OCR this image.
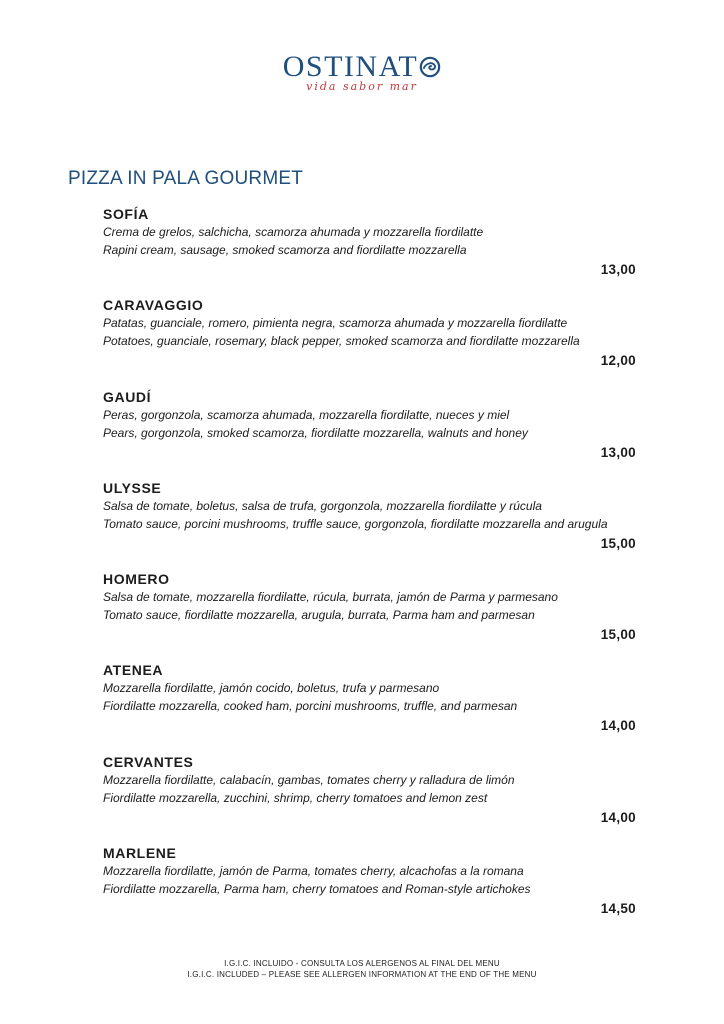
OSTINAT
vida sabor mar
PIZZA IN PALA GOURMET
SOFÍA
Crema de grelos, salchicha, scamorza ahumada y mozzarella fiordilatte
Rapini cream, sausage, smoked scamorza and fiordilatte mozzarella
13,00
CARAVAGGIO
Patatas, guanciale, romero, pimienta negra, scamorza ahumada y mozzarella fiordilatte
Potatoes, guanciale, rosemary, black pepper, smoked scamorza and fiordilatte mozzarella
12,00
GAUDÍ
Peras, gorgonzola, scamorza ahumada, mozzarella fiordilatte, nueces y miel
Pears, gorgonzola, smoked scamorza, fiordilatte mozzarella, walnuts and honey
13,00
ULYSSE
Salsa de tomate, boletus, salsa de trufa, gorgonzola, mozzarella fiordilatte y rúcula
Tomato sauce, porcini mushrooms, truffle sauce, gorgonzola, fiordilatte mozzarella and arugula
15,00
HOMERO
Salsa de tomate, mozzarella fiordilatte, rúcula, burrata, jamón de Parma y parmesano
Tomato sauce, fiordilatte mozzarella, arugula, burrata, Parma ham and parmesan
15,00
ATENEA
Mozzarella fiordilatte, jamón cocido, boletus, trufa y parmesano
Fiordilatte mozzarella, cooked ham, porcini mushrooms, truffle, and parmesan
14,00
CERVANTES
Mozzarella fiordilatte, calabacín, gambas, tomates cherry y ralladura de limón
Fiordilatte mozzarella, zucchini, shrimp, cherry tomatoes and lemon zest
14,00
MARLENE
Mozzarella fiordilatte, jamón de Parma, tomates cherry, alcachofas a la romana
Fiordilatte mozzarella, Parma ham, cherry tomatoes and Roman-style artichokes
14,50
I.G.I.C. INCLUIDO - CONSULTA LOS ALERGENOS AL FINAL DEL MENU
I.G.I.C. INCLUDED – PLEASE SEE ALLERGEN INFORMATION AT THE END OF THE MENU
